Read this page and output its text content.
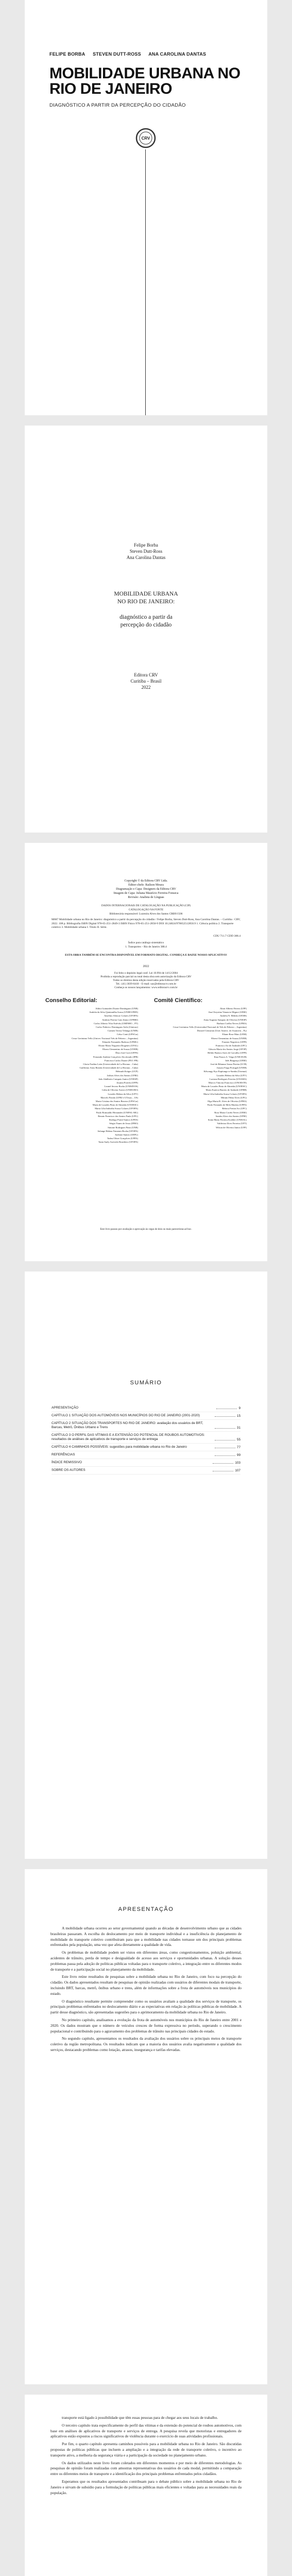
FELIPE BORBA STEVEN DUTT-ROSS ANA CAROLINA DANTAS
MOBILIDADE URBANA NO
RIO DE JANEIRO
DIAGNÓSTICO A PARTIR DA PERCEPÇÃO DO CIDADÃO
CRV
Felipe Borba
Steven Dutt-Ross
Ana Carolina Dantas
MOBILIDADE URBANA
NO RIO DE JANEIRO:
diagnóstico a partir da
percepção do cidadão
Editora CRV
Curitiba – Brasil
2022
Copyright © da Editora CRV Ltda.
Editor-chefe: Railson Moura
Diagramação e Capa: Designers da Editora CRV
Imagem de Capa: Juliana Maurício Ferreira Fonseca
Revisão: Analista de Línguas
DADOS INTERNACIONAIS DE CATALOGAÇÃO NA PUBLICAÇÃO (CIP)
CATALOGAÇÃO NA FONTE
Bibliotecária responsável: Luzenira Alves dos Santos CRB9/1506
M687 Mobilidade urbana no Rio de Janeiro: diagnóstico a partir da percepção do cidadão / Felipe Borba, Steven Dutt-Ross, Ana Carolina Dantas. – Curitiba : CRV, 2022. 108 p. Bibliografia ISBN Digital 978-65-251-2849-3 ISBN Físico 978-65-251-2850-9 DOI 10.24824/978652512850.9 1. Ciência política 2. Transporte coletivo 3. Mobilidade urbana I. Título II. Série.
CDU 711.7 CDD 388.4
Índice para catálogo sistemático
1. Transportes – Rio de Janeiro 388.4
ESTA OBRA TAMBÉM SE ENCONTRA DISPONÍVEL EM FORMATO DIGITAL. CONHEÇA E BAIXE NOSSO APLICATIVO!
2022
Foi feito o depósito legal conf. Lei 10.994 de 14/12/2004
Proibida a reprodução parcial ou total desta obra sem autorização da Editora CRV
Todos os direitos desta edição reservados pela Editora CRV
Tel.: (41) 3039-6418 – E-mail: sac@editoracrv.com.br
Conheça os nossos lançamentos: www.editoracrv.com.br
Conselho Editorial:
Aldira Guimarães Duarte Domínguez (UNB)
Andréia da Silva Quintanilha Sousa (UNIR/UFRN)
Anselmo Alencar Colares (UFOPA)
Antônio Pereira Gaio Júnior (UFRRJ)
Carlos Alberto Vilar Estêvão (UMINHO – PT)
Carlos Federico Dominguez Avila (Unieuro)
Carmen Tereza Velanga (UNIR)
Celso Conti (UFSCar)
Cesar Gerónimo Tello (Univer. Nacional Três de Febrero – Argentina)
Eduardo Fernandes Barbosa (UFMG)
Elione Maria Nogueira Diogenes (UFAL)
Elizeu Clementino de Souza (UNEB)
Élsio José Corá (UFFS)
Fernando Antônio Gonçalves Alcoforado (IPB)
Francisco Carlos Duarte (PUC-PR)
Gloria Fariñas León (Universidade de La Havana – Cuba)
Guillermo Arias Beatón (Universidade de La Havana – Cuba)
Helmuth Krüger (UCP)
Jailson Alves dos Santos (UFRJ)
João Adalberto Campato Junior (UNESP)
Josania Portela (UFPI)
Leonel Severo Rocha (UNISINOS)
Lídia de Oliveira Xavier (UNIEURO)
Lourdes Helena da Silva (UFV)
Marcelo Paixão (UFRJ e UTexas – US)
Maria Cristina dos Santos Bezerra (UFSCar)
Maria de Lourdes Pinto de Almeida (UNOESC)
Maria Lília Imbiriba Sousa Colares (UFOPA)
Paulo Romualdo Hernandes (UNIFAL-MG)
Renato Francisco dos Santos Paula (UFG)
Rodrigo Pratte-Santos (UFES)
Sérgio Nunes de Jesus (IFRO)
Simone Rodrigues Pinto (UNB)
Solange Helena Ximenes-Rocha (UFOPA)
Sydione Santos (UEPG)
Tadeu Oliver Gonçalves (UFPA)
Tania Suely Azevedo Brasileiro (UFOPA)
Comitê Científico:
Altair Alberto Fávero (UPF)
Ana Chrystina Venancio Mignot (UERJ)
Andréia N. Militão (UEMS)
Anna Augusta Sampaio de Oliveira (UNESP)
Barbara Coelho Neves (UFBA)
Cesar Gerónimo Tello (Universidad Nacional de Três de Febrero – Argentina)
Diosnel Centurion (Univ Americ. de Asunción – Py)
Eliane Rose Maio (UEM)
Elizeu Clementino de Souza (UNEB)
Fauston Negreiros (UFPI)
Francisco Ari de Andrade (UFC)
Gláucia Maria dos Santos Jorge (UFOP)
Helder Buenos Aires de Carvalho (UFPI)
Ilma Passos A. Veiga (UNICEUB)
Inês Bragança (UERJ)
José de Ribamar Sousa Pereira (UCB)
Jussara Fraga Portugal (UNEB)
Kilwangy Kya Kapitango-a-Samba (Unemat)
Lourdes Helena da Silva (UFV)
Luciana Rodrigues Ferreira (UNAMA)
Marcos Vinicius Francisco (UNOESTE)
Maria de Lourdes Pinto de Almeida (UNOESC)
Maria Eurácia Barreto de Andrade (UFRB)
Maria Lília Imbiriba Sousa Colares (UFOPA)
Míriam Fábia Alves (UFG)
Olga Maria B. Alves de Oliveira (UFBA)
Paulo Fernando de Melo Martins (UFPA)
Rebeca Freitas Ivo (UFC)
Rosa Maria Corrêa Neves (UERJ)
Sandra Alves dos Santos (UFRJ)
Sonia Maria Ferreira Koehler (UNISAL)
Valdivina Alves Ferreira (UFT)
Wilson de Oliveira Junior (UFF)
Este livro passou por avaliação e aprovação às cegas de dois ou mais pareceristas ad hoc.
SUMÁRIO
APRESENTAÇÃO	9
CAPÍTULO 1 SITUAÇÃO DOS AUTOMÓVEIS NOS MUNICÍPIOS DO RIO DE JANEIRO (2001-2020)	15
CAPÍTULO 2 SITUAÇÃO DOS TRANSPORTES NO RIO DE JANEIRO: avaliação dos usuários de BRT, Barcas, Metrô, Ônibus Urbano e Trens	31
CAPÍTULO 3 O PERFIL DAS VÍTIMAS E A EXTENSÃO DO POTENCIAL DE ROUBOS AUTOMOTIVOS: resultados de análises de aplicativos de transporte e serviços de entrega	55
CAPÍTULO 4 CAMINHOS POSSÍVEIS: sugestões para mobilidade urbana no Rio de Janeiro	77
REFERÊNCIAS	99
ÍNDICE REMISSIVO	103
SOBRE OS AUTORES	107
APRESENTAÇÃO

A mobilidade urbana ocorreu ao setor governamental quando as décadas de desenvolvimento urbano que as cidades brasileiras passaram. A escolha do deslocamento por meio de transporte individual e a insuficiência do planejamento de mobilidade do transporte coletivo contribuíram para que a mobilidade nas cidades tornasse um dos principais problemas enfrentados pela população, uma vez que afeta diretamente a qualidade de vida.

Os problemas de mobilidade podem ser vistos em diferentes áreas, como congestionamentos, poluição ambiental, acidentes de trânsito, perda de tempo e desigualdade de acesso aos serviços e oportunidades urbanas. A solução desses problemas passa pela adoção de políticas públicas voltadas para o transporte coletivo, a integração entre os diferentes modos de transporte e a participação social no planejamento da mobilidade.

Este livro reúne resultados de pesquisas sobre a mobilidade urbana no Rio de Janeiro, com foco na percepção do cidadão. Os dados apresentados resultam de pesquisas de opinião realizadas com usuários de diferentes modais de transporte, incluindo BRT, barcas, metrô, ônibus urbano e trens, além de informações sobre a frota de automóveis nos municípios do estado.

O diagnóstico resultante permite compreender como os usuários avaliam a qualidade dos serviços de transporte, os principais problemas enfrentados no deslocamento diário e as expectativas em relação às políticas públicas de mobilidade. A partir desse diagnóstico, são apresentadas sugestões para o aprimoramento da mobilidade urbana no Rio de Janeiro.

No primeiro capítulo, analisamos a evolução da frota de automóveis nos municípios do Rio de Janeiro entre 2001 e 2020. Os dados mostram que o número de veículos cresceu de forma expressiva no período, superando o crescimento populacional e contribuindo para o agravamento dos problemas de trânsito nas principais cidades do estado.

No segundo capítulo, apresentamos os resultados da avaliação dos usuários sobre os principais meios de transporte coletivo da região metropolitana. Os resultados indicam que a maioria dos usuários avalia negativamente a qualidade dos serviços, destacando problemas como lotação, atrasos, insegurança e tarifas elevadas.

transporte está ligado à possibilidade que têm essas pessoas para de chegar aos seus locais de trabalho.

O terceiro capítulo trata especificamente do perfil das vítimas e da extensão do potencial de roubos automotivos, com base em análises de aplicativos de transporte e serviços de entrega. A pesquisa revela que motoristas e entregadores de aplicativos estão expostos a riscos significativos de violência durante o exercício de suas atividades profissionais.

Por fim, o quarto capítulo apresenta caminhos possíveis para a mobilidade urbana no Rio de Janeiro. São discutidas propostas de políticas públicas que incluem a ampliação e a integração da rede de transporte coletivo, o incentivo ao transporte ativo, a melhoria da segurança viária e a participação da sociedade no planejamento urbano.

Os dados utilizados neste livro foram coletados em diferentes momentos e por meio de diferentes metodologias. As pesquisas de opinião foram realizadas com amostras representativas dos usuários de cada modal, permitindo a comparação entre os diferentes meios de transporte e a identificação dos principais problemas enfrentados pelos cidadãos.

Esperamos que os resultados apresentados contribuam para o debate público sobre a mobilidade urbana no Rio de Janeiro e sirvam de subsídio para a formulação de políticas públicas mais eficientes e voltadas para as necessidades reais da população.
